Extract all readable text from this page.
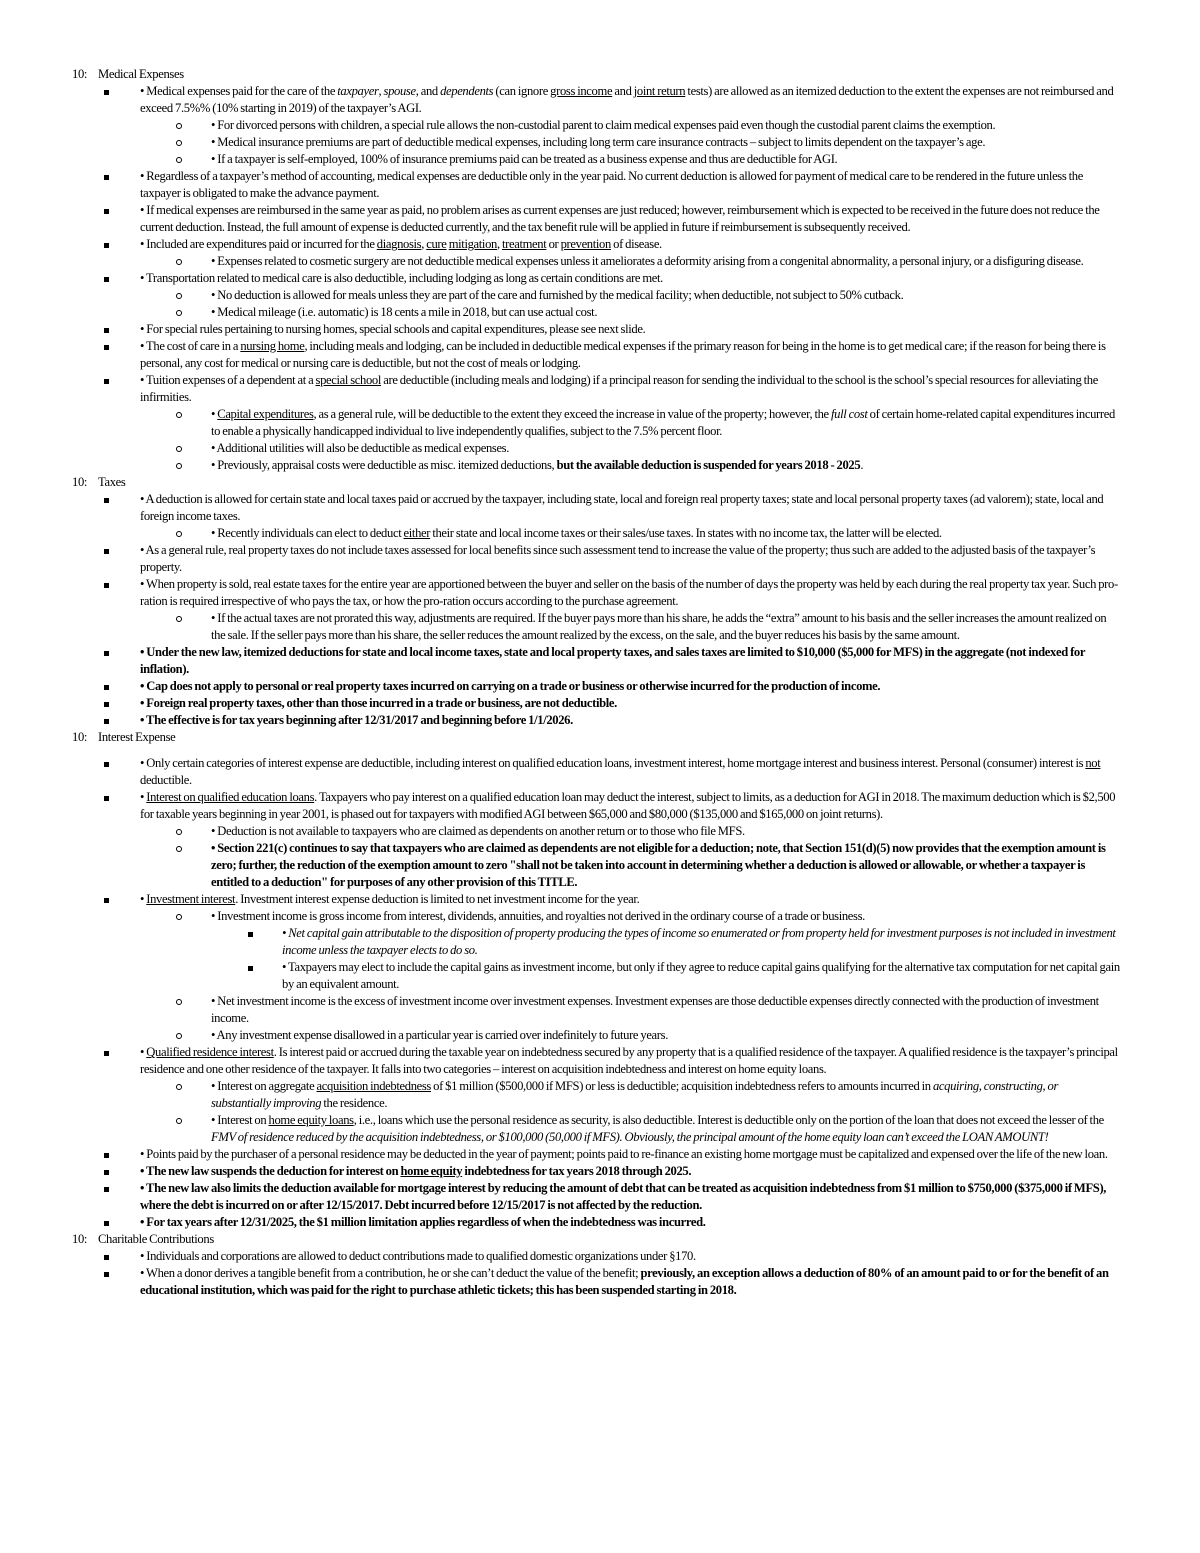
10: Medical Expenses

• Medical expenses paid for the care of the taxpayer, spouse, and dependents (can ignore gross income and joint return tests) are allowed as an itemized deduction to the extent the expenses are not reimbursed and exceed 7.5%% (10% starting in 2019) of the taxpayer’s AGI.

• For divorced persons with children, a special rule allows the non-custodial parent to claim medical expenses paid even though the custodial parent claims the exemption.

• Medical insurance premiums are part of deductible medical expenses, including long term care insurance contracts – subject to limits dependent on the taxpayer’s age.

• If a taxpayer is self-employed, 100% of insurance premiums paid can be treated as a business expense and thus are deductible for AGI.

• Regardless of a taxpayer’s method of accounting, medical expenses are deductible only in the year paid. No current deduction is allowed for payment of medical care to be rendered in the future unless the taxpayer is obligated to make the advance payment.

• If medical expenses are reimbursed in the same year as paid, no problem arises as current expenses are just reduced; however, reimbursement which is expected to be received in the future does not reduce the current deduction. Instead, the full amount of expense is deducted currently, and the tax benefit rule will be applied in future if reimbursement is subsequently received.

• Included are expenditures paid or incurred for the diagnosis, cure mitigation, treatment or prevention of disease.

• Expenses related to cosmetic surgery are not deductible medical expenses unless it ameliorates a deformity arising from a congenital abnormality, a personal injury, or a disfiguring disease.

• Transportation related to medical care is also deductible, including lodging as long as certain conditions are met.

• No deduction is allowed for meals unless they are part of the care and furnished by the medical facility; when deductible, not subject to 50% cutback.

• Medical mileage (i.e. automatic) is 18 cents a mile in 2018, but can use actual cost.

• For special rules pertaining to nursing homes, special schools and capital expenditures, please see next slide.

• The cost of care in a nursing home, including meals and lodging, can be included in deductible medical expenses if the primary reason for being in the home is to get medical care; if the reason for being there is personal, any cost for medical or nursing care is deductible, but not the cost of meals or lodging.

• Tuition expenses of a dependent at a special school are deductible (including meals and lodging) if a principal reason for sending the individual to the school is the school’s special resources for alleviating the infirmities.

• Capital expenditures, as a general rule, will be deductible to the extent they exceed the increase in value of the property; however, the full cost of certain home-related capital expenditures incurred to enable a physically handicapped individual to live independently qualifies, subject to the 7.5% percent floor.

• Additional utilities will also be deductible as medical expenses.

• Previously, appraisal costs were deductible as misc. itemized deductions, but the available deduction is suspended for years 2018 - 2025.

10: Taxes

• A deduction is allowed for certain state and local taxes paid or accrued by the taxpayer, including state, local and foreign real property taxes; state and local personal property taxes (ad valorem); state, local and foreign income taxes.

• Recently individuals can elect to deduct either their state and local income taxes or their sales/use taxes. In states with no income tax, the latter will be elected.

• As a general rule, real property taxes do not include taxes assessed for local benefits since such assessment tend to increase the value of the property; thus such are added to the adjusted basis of the taxpayer’s property.

• When property is sold, real estate taxes for the entire year are apportioned between the buyer and seller on the basis of the number of days the property was held by each during the real property tax year. Such pro-ration is required irrespective of who pays the tax, or how the pro-ration occurs according to the purchase agreement.

• If the actual taxes are not prorated this way, adjustments are required. If the buyer pays more than his share, he adds the “extra” amount to his basis and the seller increases the amount realized on the sale. If the seller pays more than his share, the seller reduces the amount realized by the excess, on the sale, and the buyer reduces his basis by the same amount.

• Under the new law, itemized deductions for state and local income taxes, state and local property taxes, and sales taxes are limited to $10,000 ($5,000 for MFS) in the aggregate (not indexed for inflation).

• Cap does not apply to personal or real property taxes incurred on carrying on a trade or business or otherwise incurred for the production of income.

• Foreign real property taxes, other than those incurred in a trade or business, are not deductible.

• The effective is for tax years beginning after 12/31/2017 and beginning before 1/1/2026.

10: Interest Expense

• Only certain categories of interest expense are deductible, including interest on qualified education loans, investment interest, home mortgage interest and business interest. Personal (consumer) interest is not deductible.

• Interest on qualified education loans. Taxpayers who pay interest on a qualified education loan may deduct the interest, subject to limits, as a deduction for AGI in 2018. The maximum deduction which is $2,500 for taxable years beginning in year 2001, is phased out for taxpayers with modified AGI between $65,000 and $80,000 ($135,000 and $165,000 on joint returns).

• Deduction is not available to taxpayers who are claimed as dependents on another return or to those who file MFS.

• Section 221(c) continues to say that taxpayers who are claimed as dependents are not eligible for a deduction; note, that Section 151(d)(5) now provides that the exemption amount is zero; further, the reduction of the exemption amount to zero "shall not be taken into account in determining whether a deduction is allowed or allowable, or whether a taxpayer is entitled to a deduction" for purposes of any other provision of this TITLE.

• Investment interest. Investment interest expense deduction is limited to net investment income for the year.

• Investment income is gross income from interest, dividends, annuities, and royalties not derived in the ordinary course of a trade or business.

• Net capital gain attributable to the disposition of property producing the types of income so enumerated or from property held for investment purposes is not included in investment income unless the taxpayer elects to do so.

• Taxpayers may elect to include the capital gains as investment income, but only if they agree to reduce capital gains qualifying for the alternative tax computation for net capital gain by an equivalent amount.

• Net investment income is the excess of investment income over investment expenses. Investment expenses are those deductible expenses directly connected with the production of investment income.

• Any investment expense disallowed in a particular year is carried over indefinitely to future years.

• Qualified residence interest. Is interest paid or accrued during the taxable year on indebtedness secured by any property that is a qualified residence of the taxpayer. A qualified residence is the taxpayer’s principal residence and one other residence of the taxpayer. It falls into two categories – interest on acquisition indebtedness and interest on home equity loans.

• Interest on aggregate acquisition indebtedness of $1 million ($500,000 if MFS) or less is deductible; acquisition indebtedness refers to amounts incurred in acquiring, constructing, or substantially improving the residence.

• Interest on home equity loans, i.e., loans which use the personal residence as security, is also deductible. Interest is deductible only on the portion of the loan that does not exceed the lesser of the FMV of residence reduced by the acquisition indebtedness, or $100,000 (50,000 if MFS). Obviously, the principal amount of the home equity loan can’t exceed the LOAN AMOUNT!

• Points paid by the purchaser of a personal residence may be deducted in the year of payment; points paid to re-finance an existing home mortgage must be capitalized and expensed over the life of the new loan.

• The new law suspends the deduction for interest on home equity indebtedness for tax years 2018 through 2025.

• The new law also limits the deduction available for mortgage interest by reducing the amount of debt that can be treated as acquisition indebtedness from $1 million to $750,000 ($375,000 if MFS), where the debt is incurred on or after 12/15/2017. Debt incurred before 12/15/2017 is not affected by the reduction.

• For tax years after 12/31/2025, the $1 million limitation applies regardless of when the indebtedness was incurred.

10: Charitable Contributions

• Individuals and corporations are allowed to deduct contributions made to qualified domestic organizations under §170.

• When a donor derives a tangible benefit from a contribution, he or she can’t deduct the value of the benefit; previously, an exception allows a deduction of 80% of an amount paid to or for the benefit of an educational institution, which was paid for the right to purchase athletic tickets; this has been suspended starting in 2018.
